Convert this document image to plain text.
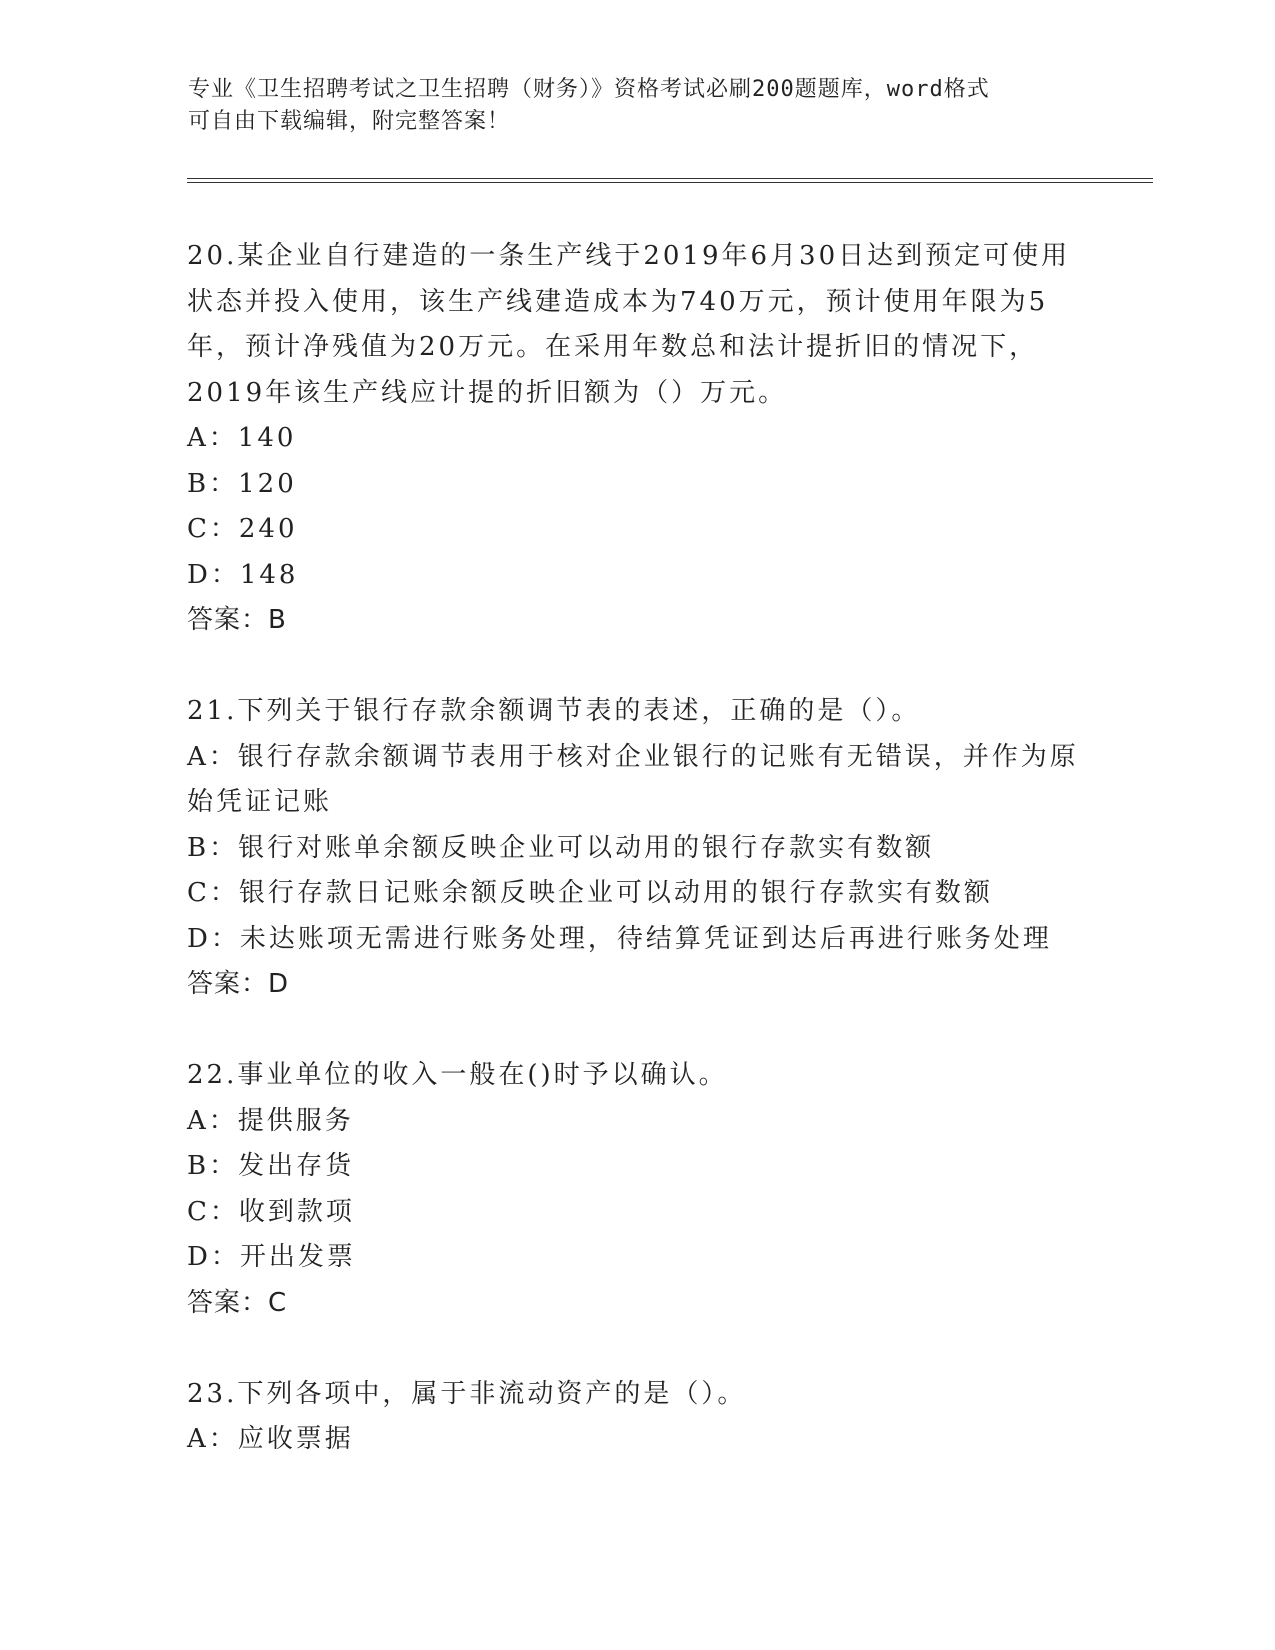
专业《卫生招聘考试之卫生招聘（财务）》资格考试必刷200题题库，word格式
可自由下载编辑，附完整答案！

20.某企业自行建造的一条生产线于2019年6月30日达到预定可使用状态并投入使用，该生产线建造成本为740万元，预计使用年限为5年，预计净残值为20万元。在采用年数总和法计提折旧的情况下，2019年该生产线应计提的折旧额为（）万元。

A：140

B：120

C：240

D：148

答案：B

21.下列关于银行存款余额调节表的表述，正确的是（）。

A：银行存款余额调节表用于核对企业银行的记账有无错误，并作为原始凭证记账

B：银行对账单余额反映企业可以动用的银行存款实有数额

C：银行存款日记账余额反映企业可以动用的银行存款实有数额

D：未达账项无需进行账务处理，待结算凭证到达后再进行账务处理

答案：D

22.事业单位的收入一般在()时予以确认。

A：提供服务

B：发出存货

C：收到款项

D：开出发票

答案：C

23.下列各项中，属于非流动资产的是（）。

A：应收票据
